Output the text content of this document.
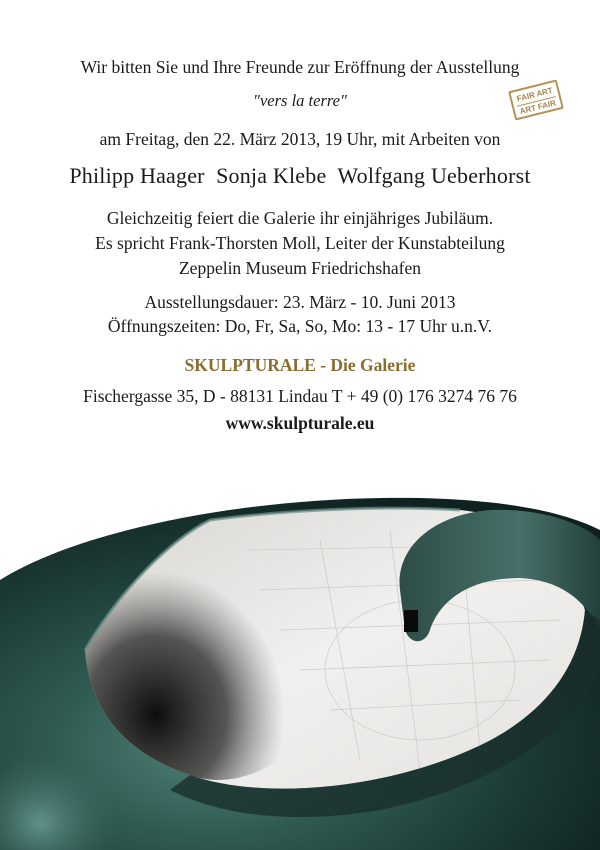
Wir bitten Sie und Ihre Freunde zur Eröffnung der Ausstellung
"vers la terre"	FAIR ART
ART FAIR
am Freitag, den 22. März 2013, 19 Uhr, mit Arbeiten von
Philipp Haager  Sonja Klebe  Wolfgang Ueberhorst
Gleichzeitig feiert die Galerie ihr einjähriges Jubiläum.
Es spricht Frank-Thorsten Moll, Leiter der Kunstabteilung
Zeppelin Museum Friedrichshafen
Ausstellungsdauer: 23. März - 10. Juni 2013
Öffnungszeiten: Do, Fr, Sa, So, Mo: 13 - 17 Uhr u.n.V.
SKULPTURALE - Die Galerie
Fischergasse 35, D - 88131 Lindau T + 49 (0) 176 3274 76 76
www.skulpturale.eu
